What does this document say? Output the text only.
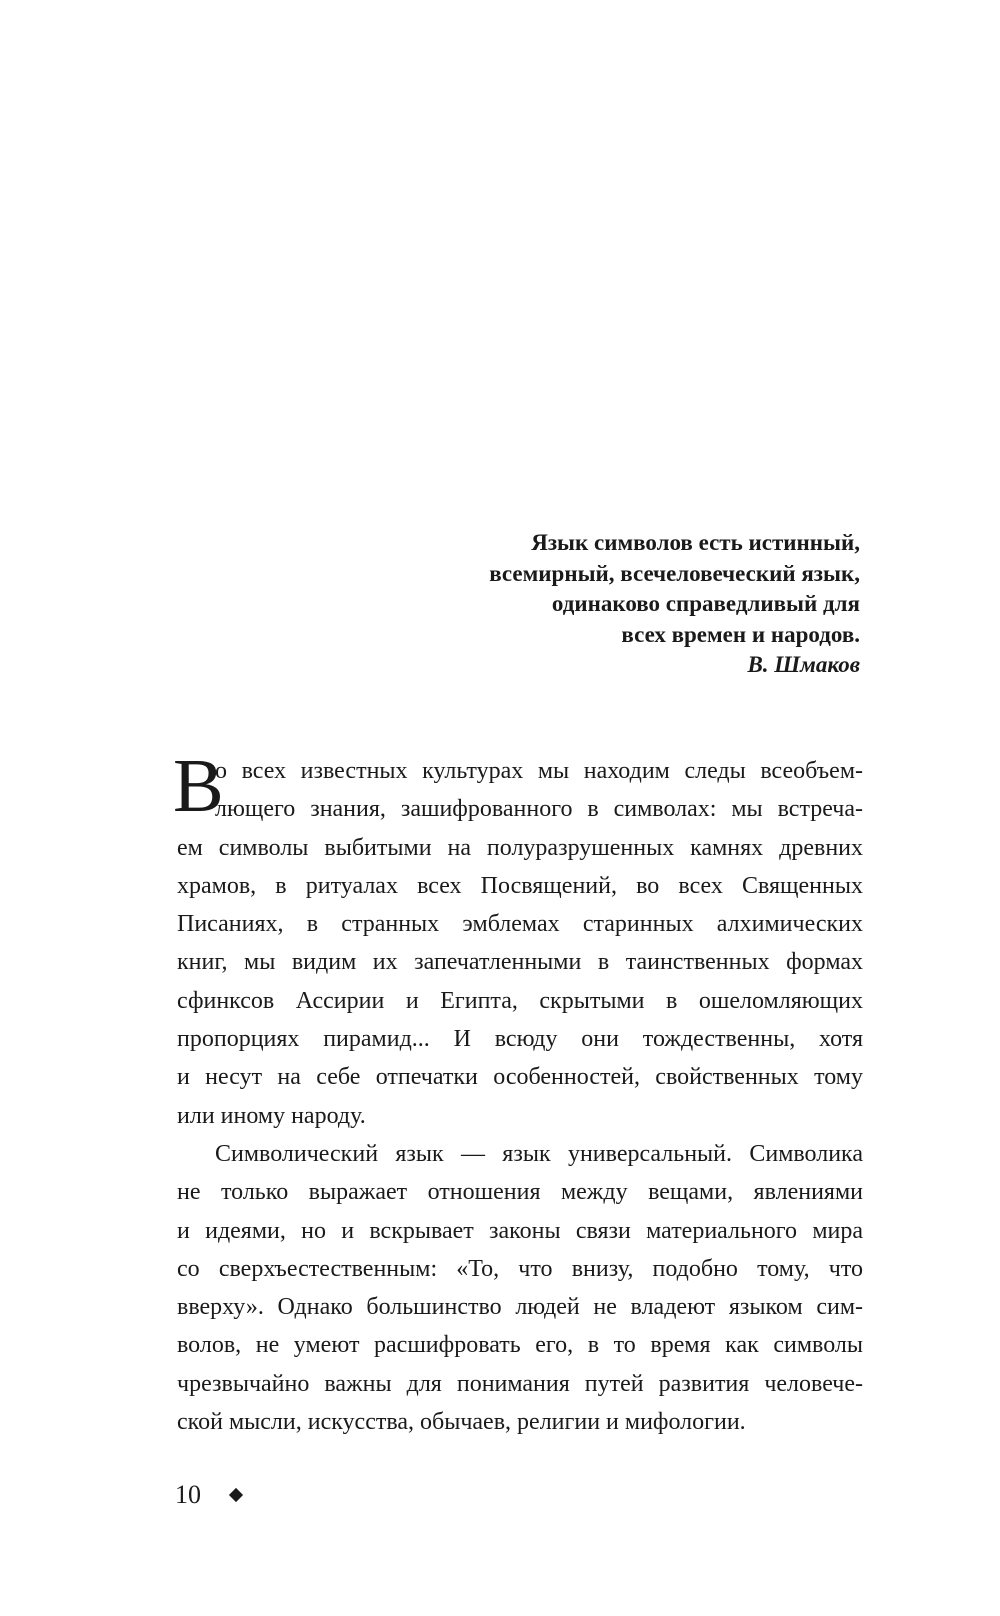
Язык символов есть истинный,
всемирный, всечеловеческий язык,
одинаково справедливый для
всех времен и народов.
В. Шмаков
В
о всех известных культурах мы находим следы всеобъем-
лющего знания, зашифрованного в символах: мы встреча-
ем символы выбитыми на полуразрушенных камнях древних
храмов, в ритуалах всех Посвящений, во всех Священных
Писаниях, в странных эмблемах старинных алхимических
книг, мы видим их запечатленными в таинственных формах
сфинксов Ассирии и Египта, скрытыми в ошеломляющих
пропорциях пирамид... И всюду они тождественны, хотя
и несут на себе отпечатки особенностей, свойственных тому
или иному народу.
Символический язык — язык универсальный. Символика
не только выражает отношения между вещами, явлениями
и идеями, но и вскрывает законы связи материального мира
со сверхъестественным: «То, что внизу, подобно тому, что
вверху». Однако большинство людей не владеют языком сим-
волов, не умеют расшифровать его, в то время как символы
чрезвычайно важны для понимания путей развития человече-
ской мысли, искусства, обычаев, религии и мифологии.
10
